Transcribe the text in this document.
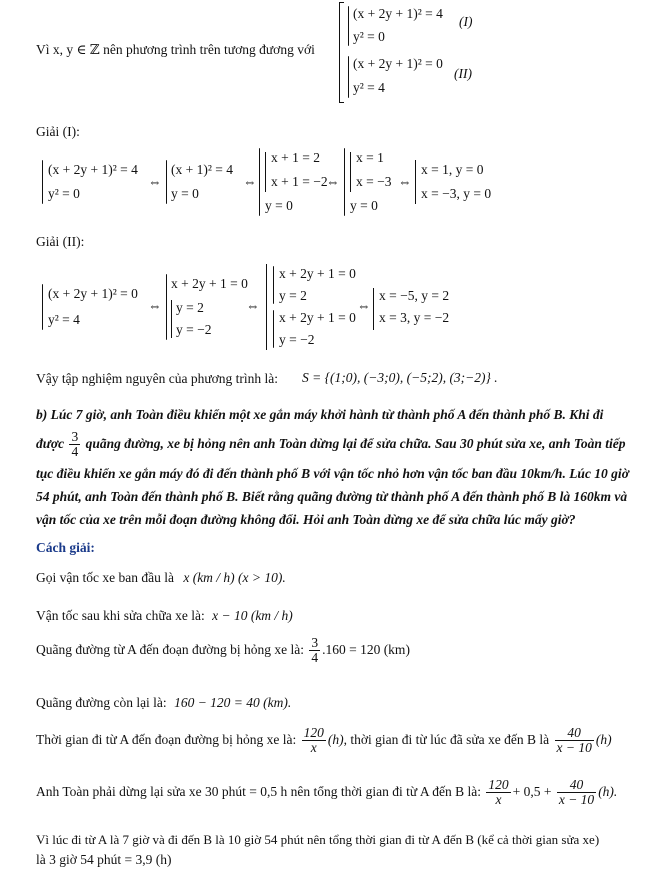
Vì x, y ∈ ℤ nên phương trình trên tương đương với
(x + 2y + 1)² = 4
(I)
y² = 0
(x + 2y + 1)² = 0
(II)
y² = 4
Giải (I):
(x + 2y + 1)² = 4
y² = 0
⇔
(x + 1)² = 4
y = 0
⇔
x + 1 = 2
x + 1 = −2
y = 0
⇔
x = 1
x = −3
y = 0
⇔
x = 1, y = 0
x = −3, y = 0
Giải (II):
(x + 2y + 1)² = 0
y² = 4
⇔
x + 2y + 1 = 0
y = 2
y = −2
⇔
x + 2y + 1 = 0
y = 2
x + 2y + 1 = 0
y = −2
⇔
x = −5, y = 2
x = 3, y = −2
Vậy tập nghiệm nguyên của phương trình là: S = {(1;0), (−3;0), (−5;2), (3;−2)} .
b) Lúc 7 giờ, anh Toàn điều khiển một xe gắn máy khởi hành từ thành phố A đến thành phố B. Khi đi
được $\frac{3}{4}$ quãng đường, xe bị hỏng nên anh Toàn dừng lại để sửa chữa. Sau 30 phút sửa xe, anh Toàn tiếp
tục điều khiển xe gắn máy đó đi đến thành phố B với vận tốc nhỏ hơn vận tốc ban đầu 10km/h. Lúc 10 giờ
54 phút, anh Toàn đến thành phố B. Biết rằng quãng đường từ thành phố A đến thành phố B là 160km và
vận tốc của xe trên mỗi đoạn đường không đổi. Hỏi anh Toàn dừng xe để sửa chữa lúc mấy giờ?
Cách giải:
Gọi vận tốc xe ban đầu là x (km / h) (x > 10).
Vận tốc sau khi sửa chữa xe là: x − 10 (km / h)
Quãng đường từ A đến đoạn đường bị hỏng xe là: $\frac{3}{4} .160 = 120$ (km)
Quãng đường còn lại là: 160 − 120 = 40 (km).
Thời gian đi từ A đến đoạn đường bị hỏng xe là: $\frac{120}{x} (h)$, thời gian đi từ lúc đã sửa xe đến B là $\frac{40}{x - 10} (h)$
Anh Toàn phải dừng lại sửa xe 30 phút = 0,5 h nên tổng thời gian đi từ A đến B là: $\frac{120}{x} + 0,5 + \frac{40}{x - 10} (h)$.
Vì lúc đi từ A là 7 giờ và đi đến B là 10 giờ 54 phút nên tổng thời gian đi từ A đến B (kể cả thời gian sửa xe)
là 3 giờ 54 phút = 3,9 (h)
